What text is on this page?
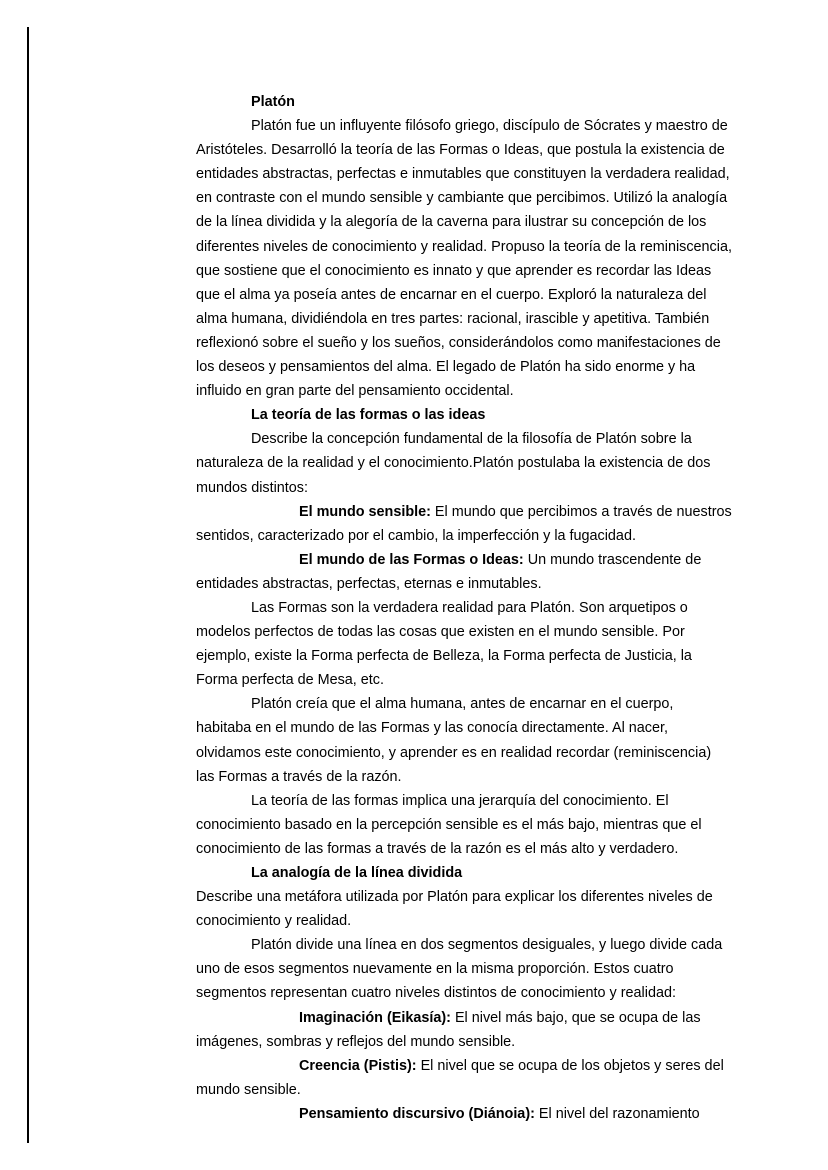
Platón

Platón fue un influyente filósofo griego, discípulo de Sócrates y maestro de Aristóteles. Desarrolló la teoría de las Formas o Ideas, que postula la existencia de entidades abstractas, perfectas e inmutables que constituyen la verdadera realidad, en contraste con el mundo sensible y cambiante que percibimos. Utilizó la analogía de la línea dividida y la alegoría de la caverna para ilustrar su concepción de los diferentes niveles de conocimiento y realidad. Propuso la teoría de la reminiscencia, que sostiene que el conocimiento es innato y que aprender es recordar las Ideas que el alma ya poseía antes de encarnar en el cuerpo. Exploró la naturaleza del alma humana, dividiéndola en tres partes: racional, irascible y apetitiva. También reflexionó sobre el sueño y los sueños, considerándolos como manifestaciones de los deseos y pensamientos del alma. El legado de Platón ha sido enorme y ha influido en gran parte del pensamiento occidental.

La teoría de las formas o las ideas

Describe la concepción fundamental de la filosofía de Platón sobre la naturaleza de la realidad y el conocimiento.Platón postulaba la existencia de dos mundos distintos:

El mundo sensible: El mundo que percibimos a través de nuestros sentidos, caracterizado por el cambio, la imperfección y la fugacidad.

El mundo de las Formas o Ideas: Un mundo trascendente de entidades abstractas, perfectas, eternas e inmutables.

Las Formas son la verdadera realidad para Platón. Son arquetipos o modelos perfectos de todas las cosas que existen en el mundo sensible. Por ejemplo, existe la Forma perfecta de Belleza, la Forma perfecta de Justicia, la Forma perfecta de Mesa, etc.

Platón creía que el alma humana, antes de encarnar en el cuerpo, habitaba en el mundo de las Formas y las conocía directamente. Al nacer, olvidamos este conocimiento, y aprender es en realidad recordar (reminiscencia) las Formas a través de la razón.

La teoría de las formas implica una jerarquía del conocimiento. El conocimiento basado en la percepción sensible es el más bajo, mientras que el conocimiento de las formas a través de la razón es el más alto y verdadero.

La analogía de la línea dividida

Describe una metáfora utilizada por Platón para explicar los diferentes niveles de conocimiento y realidad.

Platón divide una línea en dos segmentos desiguales, y luego divide cada uno de esos segmentos nuevamente en la misma proporción. Estos cuatro segmentos representan cuatro niveles distintos de conocimiento y realidad:

Imaginación (Eikasía): El nivel más bajo, que se ocupa de las imágenes, sombras y reflejos del mundo sensible.

Creencia (Pistis): El nivel que se ocupa de los objetos y seres del mundo sensible.

Pensamiento discursivo (Diánoia): El nivel del razonamiento
